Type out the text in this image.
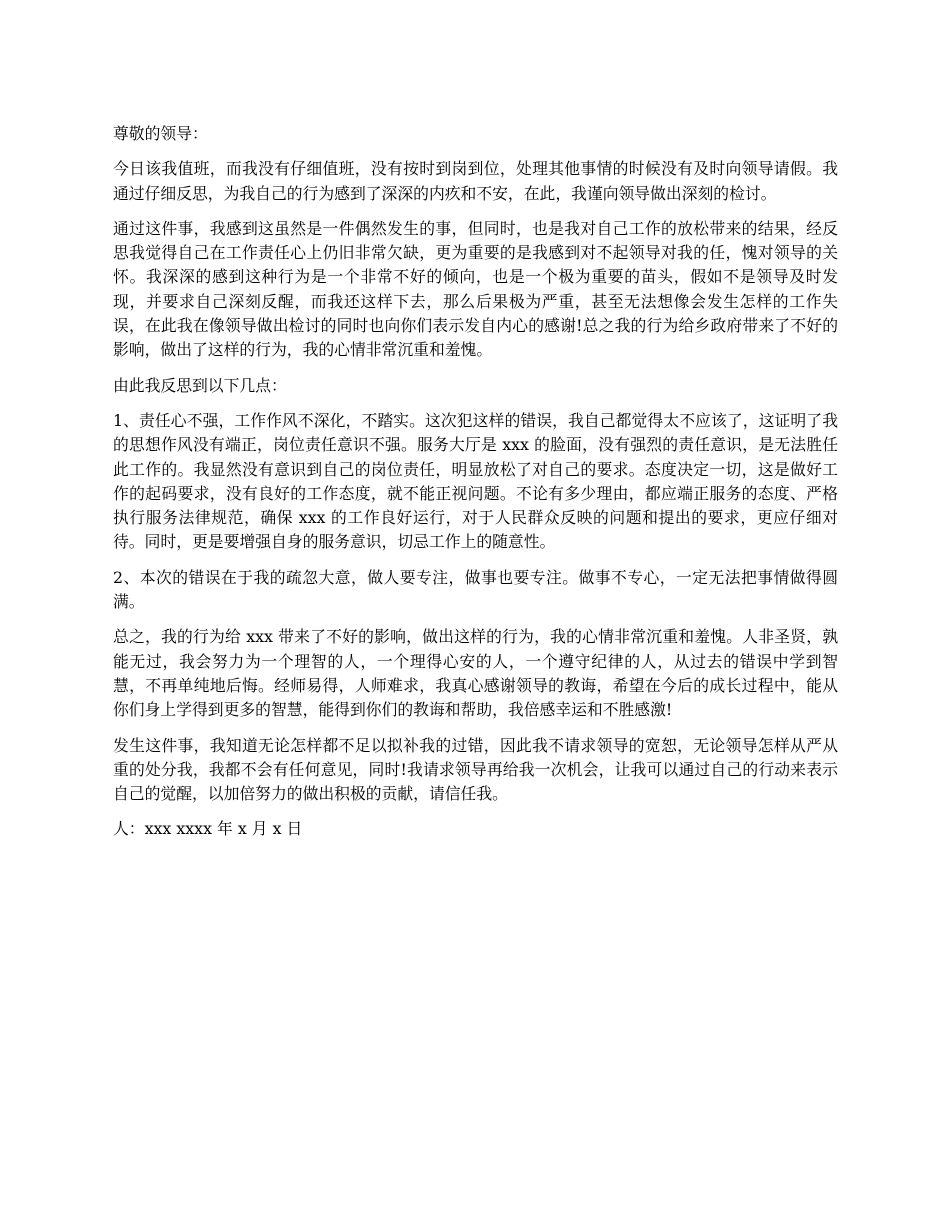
尊敬的领导：

今日该我值班，而我没有仔细值班，没有按时到岗到位，处理其他事情的时候没有及时向领导请假。我通过仔细反思，为我自己的行为感到了深深的内疚和不安，在此，我谨向领导做出深刻的检讨。

通过这件事，我感到这虽然是一件偶然发生的事，但同时，也是我对自己工作的放松带来的结果，经反思我觉得自己在工作责任心上仍旧非常欠缺，更为重要的是我感到对不起领导对我的任，愧对领导的关怀。我深深的感到这种行为是一个非常不好的倾向，也是一个极为重要的苗头，假如不是领导及时发现，并要求自己深刻反醒，而我还这样下去，那么后果极为严重，甚至无法想像会发生怎样的工作失误，在此我在像领导做出检讨的同时也向你们表示发自内心的感谢!总之我的行为给乡政府带来了不好的影响，做出了这样的行为，我的心情非常沉重和羞愧。

由此我反思到以下几点：

1、责任心不强，工作作风不深化，不踏实。这次犯这样的错误，我自己都觉得太不应该了，这证明了我的思想作风没有端正，岗位责任意识不强。服务大厅是 xxx 的脸面，没有强烈的责任意识，是无法胜任此工作的。我显然没有意识到自己的岗位责任，明显放松了对自己的要求。态度决定一切，这是做好工作的起码要求，没有良好的工作态度，就不能正视问题。不论有多少理由，都应端正服务的态度、严格执行服务法律规范，确保 xxx 的工作良好运行，对于人民群众反映的问题和提出的要求，更应仔细对待。同时，更是要增强自身的服务意识，切忌工作上的随意性。

2、本次的错误在于我的疏忽大意，做人要专注，做事也要专注。做事不专心，一定无法把事情做得圆满。

总之，我的行为给 xxx 带来了不好的影响，做出这样的行为，我的心情非常沉重和羞愧。人非圣贤，孰能无过，我会努力为一个理智的人，一个理得心安的人，一个遵守纪律的人，从过去的错误中学到智慧，不再单纯地后悔。经师易得，人师难求，我真心感谢领导的教诲，希望在今后的成长过程中，能从你们身上学得到更多的智慧，能得到你们的教诲和帮助，我倍感幸运和不胜感激!

发生这件事，我知道无论怎样都不足以拟补我的过错，因此我不请求领导的宽恕，无论领导怎样从严从重的处分我，我都不会有任何意见，同时!我请求领导再给我一次机会，让我可以通过自己的行动来表示自己的觉醒，以加倍努力的做出积极的贡献，请信任我。

人：xxx xxxx 年 x 月 x 日
